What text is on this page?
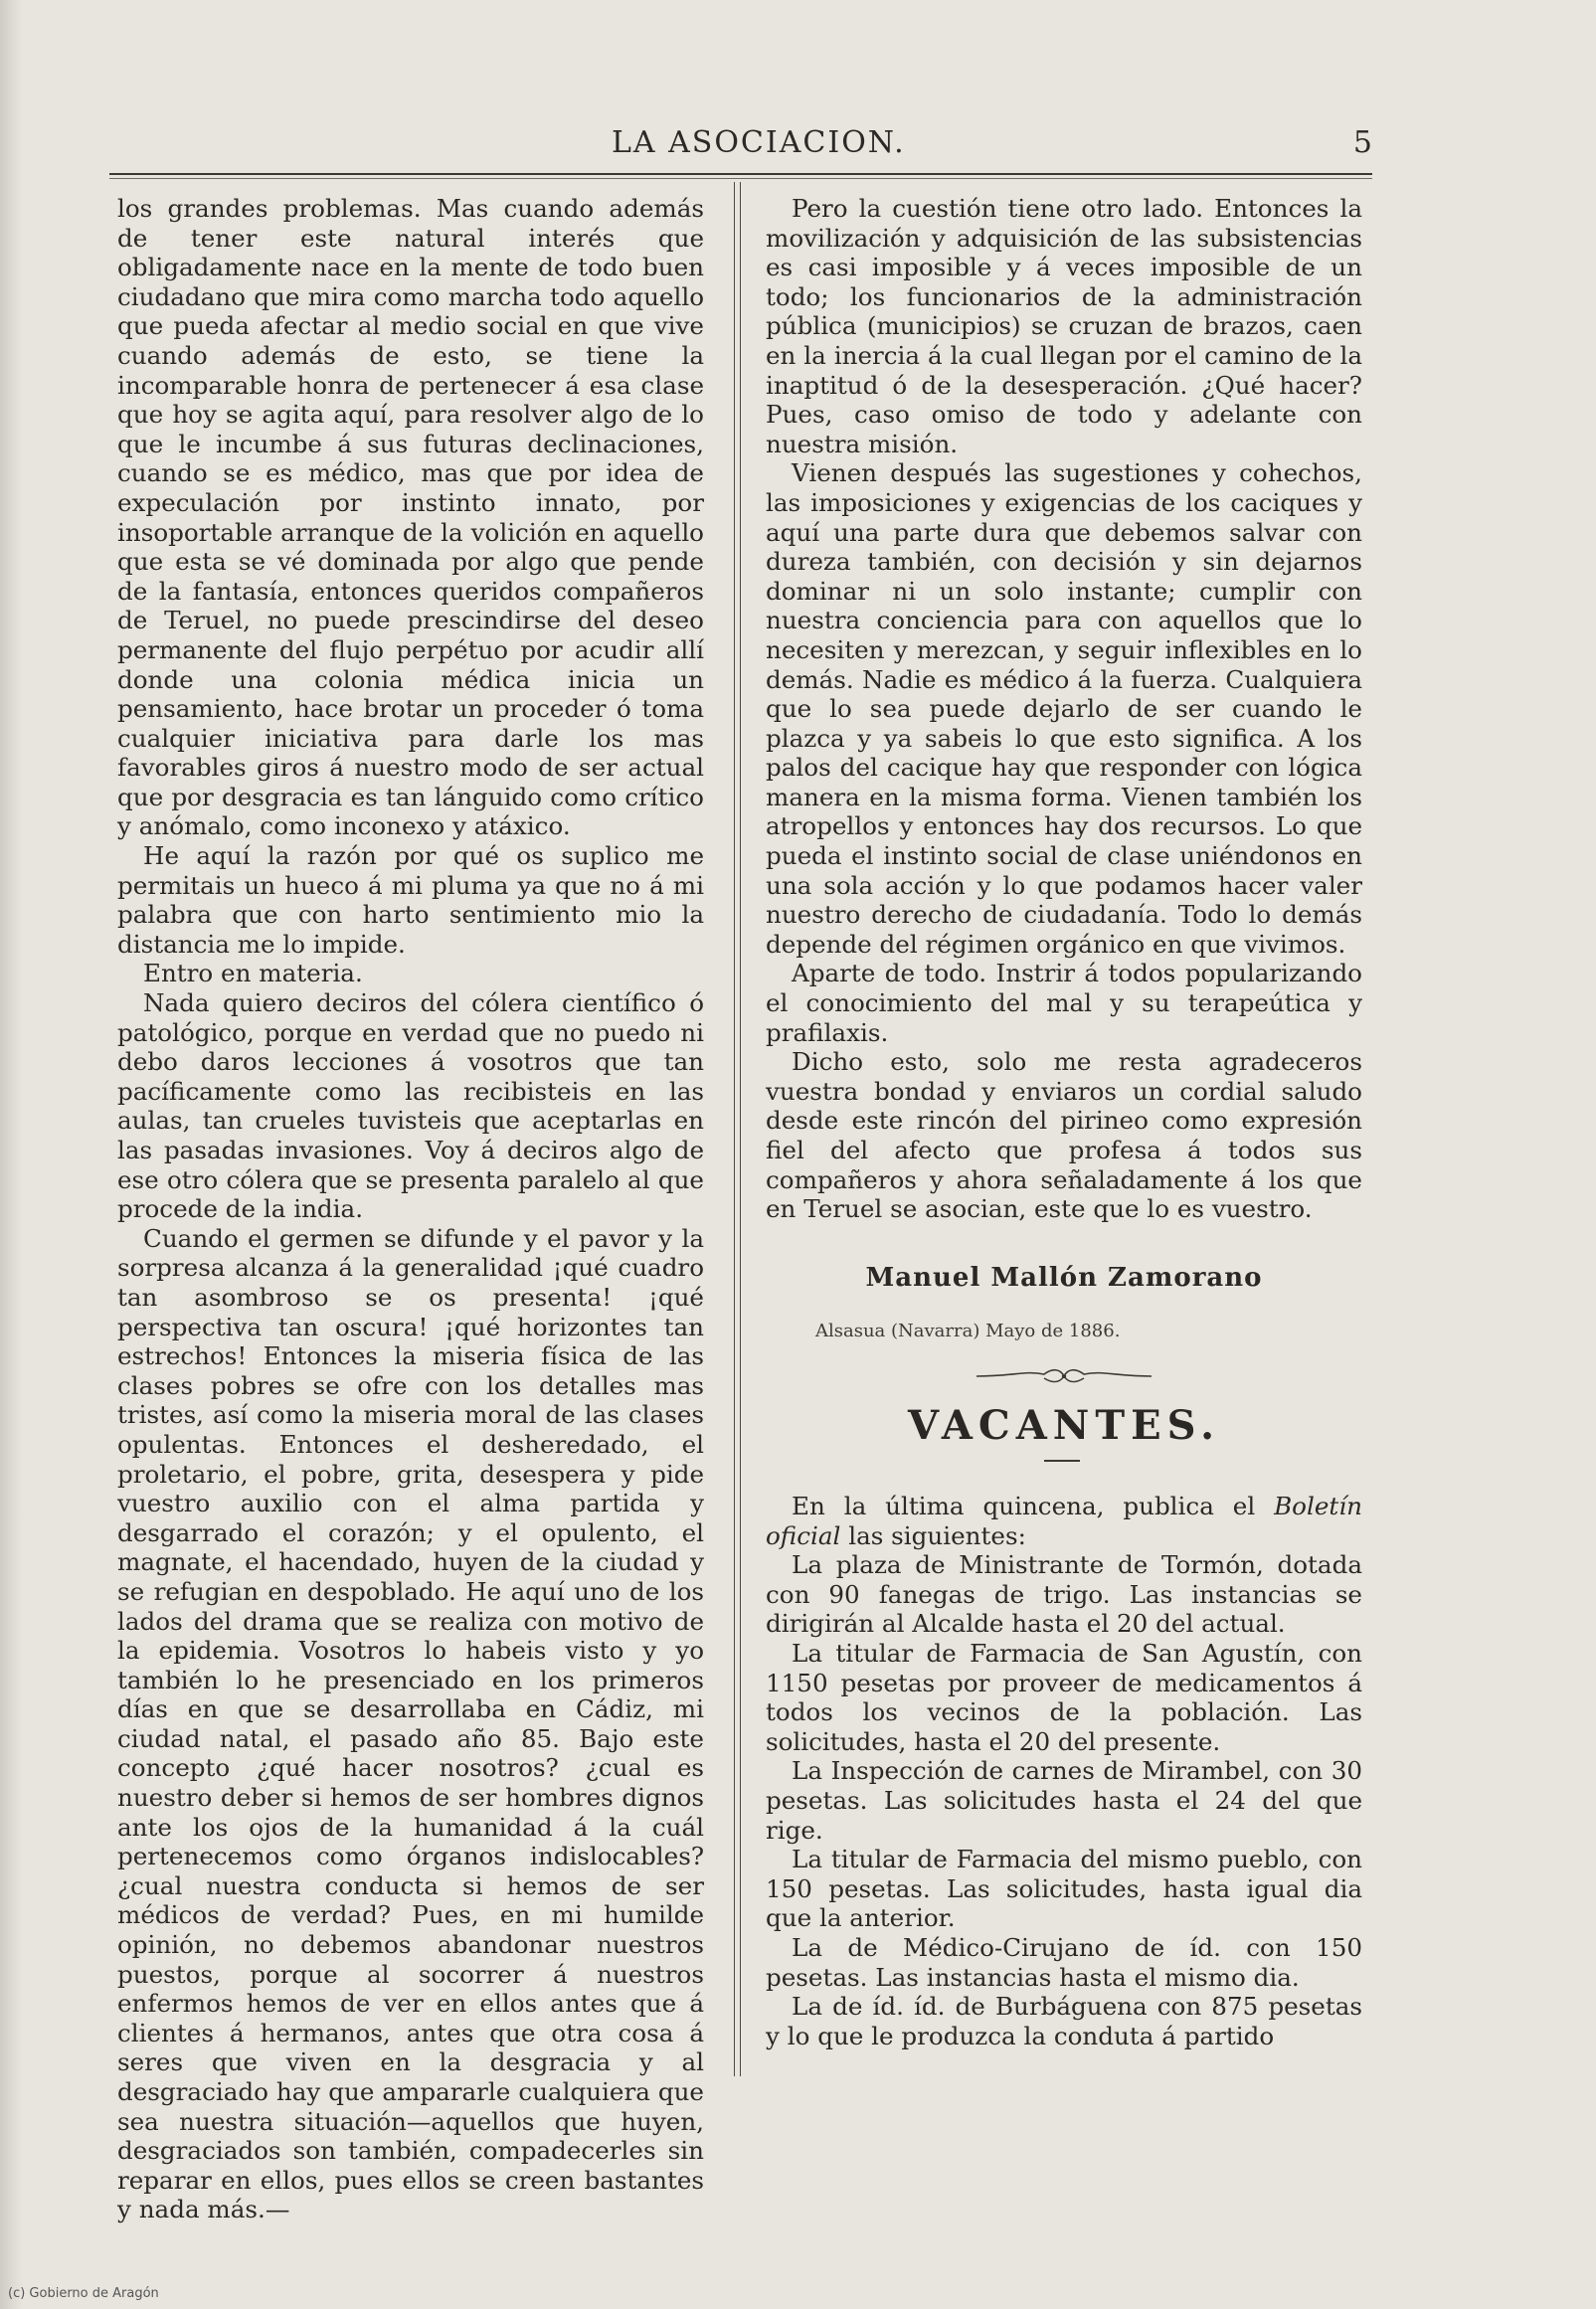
LA ASOCIACION.	5

los grandes problemas. Mas cuando además de tener este natural interés que obligadamente nace en la mente de todo buen ciudadano que mira como marcha todo aquello que pueda afectar al medio social en que vive cuando además de esto, se tiene la incomparable honra de pertenecer á esa clase que hoy se agita aquí, para resolver algo de lo que le incumbe á sus futuras declinaciones, cuando se es médico, mas que por idea de expeculación por instinto innato, por insoportable arranque de la volición en aquello que esta se vé dominada por algo que pende de la fantasía, entonces queridos compañeros de Teruel, no puede prescindirse del deseo permanente del flujo perpétuo por acudir allí donde una colonia médica inicia un pensamiento, hace brotar un proceder ó toma cualquier iniciativa para darle los mas favorables giros á nuestro modo de ser actual que por desgracia es tan lánguido como crítico y anómalo, como inconexo y atáxico.

He aquí la razón por qué os suplico me permitais un hueco á mi pluma ya que no á mi palabra que con harto sentimiento mio la distancia me lo impide.

Entro en materia.

Nada quiero deciros del cólera científico ó patológico, porque en verdad que no puedo ni debo daros lecciones á vosotros que tan pacíficamente como las recibisteis en las aulas, tan crueles tuvisteis que aceptarlas en las pasadas invasiones. Voy á deciros algo de ese otro cólera que se presenta paralelo al que procede de la india.

Cuando el germen se difunde y el pavor y la sorpresa alcanza á la generalidad ¡qué cuadro tan asombroso se os presenta! ¡qué perspectiva tan oscura! ¡qué horizontes tan estrechos! Entonces la miseria física de las clases pobres se ofre con los detalles mas tristes, así como la miseria moral de las clases opulentas. Entonces el desheredado, el proletario, el pobre, grita, desespera y pide vuestro auxilio con el alma partida y desgarrado el corazón; y el opulento, el magnate, el hacendado, huyen de la ciudad y se refugian en despoblado. He aquí uno de los lados del drama que se realiza con motivo de la epidemia. Vosotros lo habeis visto y yo también lo he presenciado en los primeros días en que se desarrollaba en Cádiz, mi ciudad natal, el pasado año 85. Bajo este concepto ¿qué hacer nosotros? ¿cual es nuestro deber si hemos de ser hombres dignos ante los ojos de la humanidad á la cuál pertenecemos como órganos indislocables? ¿cual nuestra conducta si hemos de ser médicos de verdad? Pues, en mi humilde opinión, no debemos abandonar nuestros puestos, porque al socorrer á nuestros enfermos hemos de ver en ellos antes que á clientes á hermanos, antes que otra cosa á seres que viven en la desgracia y al desgraciado hay que ampararle cualquiera que sea nuestra situación—aquellos que huyen, desgraciados son también, compadecerles sin reparar en ellos, pues ellos se creen bastantes y nada más.—

Pero la cuestión tiene otro lado. Entonces la movilización y adquisición de las subsistencias es casi imposible y á veces imposible de un todo; los funcionarios de la administración pública (municipios) se cruzan de brazos, caen en la inercia á la cual llegan por el camino de la inaptitud ó de la desesperación. ¿Qué hacer? Pues, caso omiso de todo y adelante con nuestra misión.

Vienen después las sugestiones y cohechos, las imposiciones y exigencias de los caciques y aquí una parte dura que debemos salvar con dureza también, con decisión y sin dejarnos dominar ni un solo instante; cumplir con nuestra conciencia para con aquellos que lo necesiten y merezcan, y seguir inflexibles en lo demás. Nadie es médico á la fuerza. Cualquiera que lo sea puede dejarlo de ser cuando le plazca y ya sabeis lo que esto significa. A los palos del cacique hay que responder con lógica manera en la misma forma. Vienen también los atropellos y entonces hay dos recursos. Lo que pueda el instinto social de clase uniéndonos en una sola acción y lo que podamos hacer valer nuestro derecho de ciudadanía. Todo lo demás depende del régimen orgánico en que vivimos.

Aparte de todo. Instrir á todos popularizando el conocimiento del mal y su terapeútica y prafilaxis.

Dicho esto, solo me resta agradeceros vuestra bondad y enviaros un cordial saludo desde este rincón del pirineo como expresión fiel del afecto que profesa á todos sus compañeros y ahora señaladamente á los que en Teruel se asocian, este que lo es vuestro.

Manuel Mallón Zamorano
Alsasua (Navarra) Mayo de 1886.
VACANTES.

En la última quincena, publica el Boletín oficial las siguientes:

La plaza de Ministrante de Tormón, dotada con 90 fanegas de trigo. Las instancias se dirigirán al Alcalde hasta el 20 del actual.

La titular de Farmacia de San Agustín, con 1150 pesetas por proveer de medicamentos á todos los vecinos de la población. Las solicitudes, hasta el 20 del presente.

La Inspección de carnes de Mirambel, con 30 pesetas. Las solicitudes hasta el 24 del que rige.

La titular de Farmacia del mismo pueblo, con 150 pesetas. Las solicitudes, hasta igual dia que la anterior.

La de Médico-Cirujano de íd. con 150 pesetas. Las instancias hasta el mismo dia.

La de íd. íd. de Burbáguena con 875 pesetas y lo que le produzca la conduta á partido

(c) Gobierno de Aragón
